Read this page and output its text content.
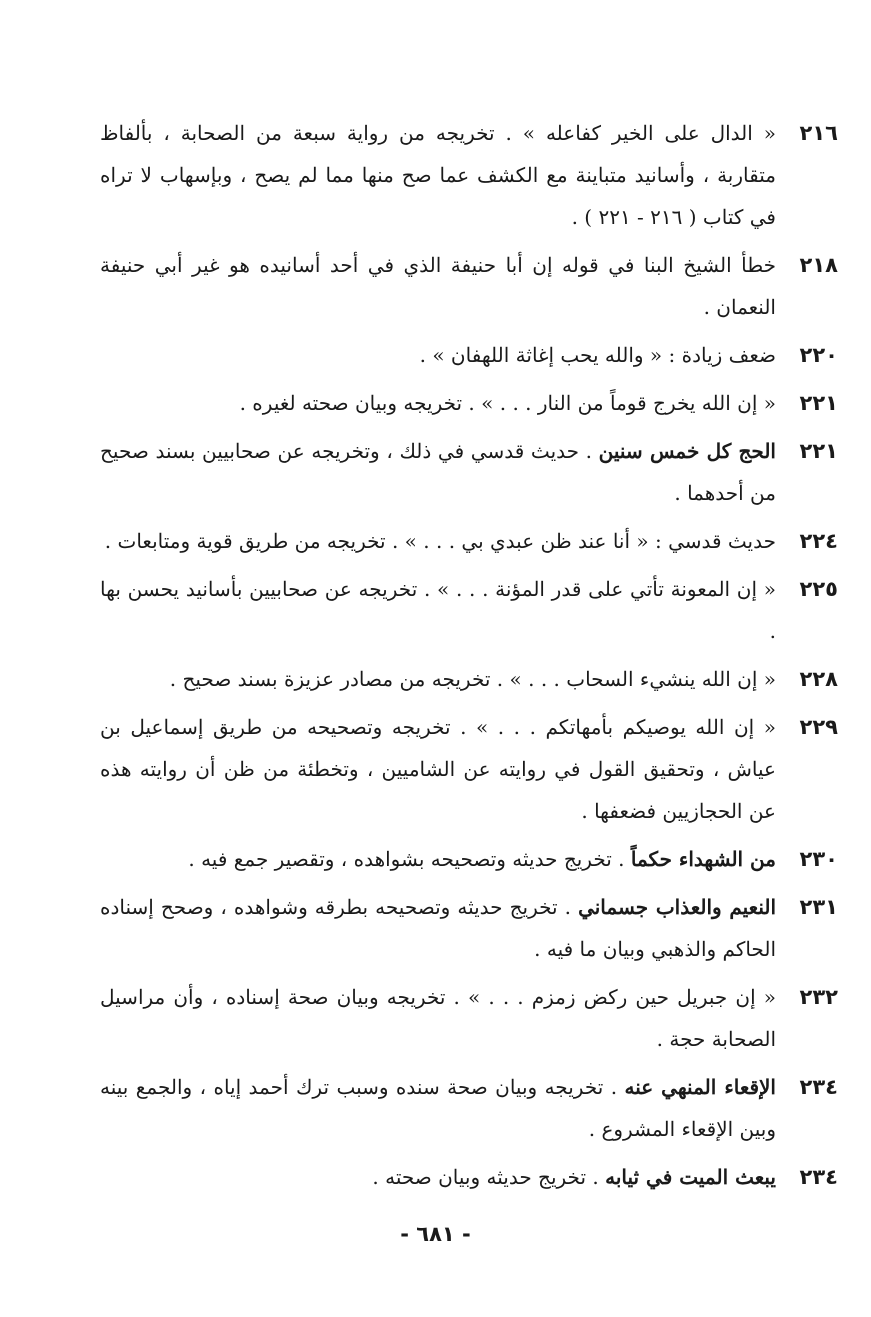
٢١٦
« الدال على الخير كفاعله » . تخريجه من رواية سبعة من الصحابة ، بألفاظ متقاربة ، وأسانيد متباينة مع الكشف عما صح منها مما لم يصح ، وبإسهاب لا تراه في كتاب ( ٢١٦ - ٢٢١ ) .
٢١٨
خطأ الشيخ البنا في قوله إن أبا حنيفة الذي في أحد أسانيده هو غير أبي حنيفة النعمان .
٢٢٠
ضعف زيادة : « والله يحب إغاثة اللهفان » .
٢٢١
« إن الله يخرج قوماً من النار . . . » . تخريجه وبيان صحته لغيره .
٢٢١
الحج كل خمس سنين . حديث قدسي في ذلك ، وتخريجه عن صحابيين بسند صحيح من أحدهما .
٢٢٤
حديث قدسي : « أنا عند ظن عبدي بي . . . » . تخريجه من طريق قوية ومتابعات .
٢٢٥
« إن المعونة تأتي على قدر المؤنة . . . » . تخريجه عن صحابيين بأسانيد يحسن بها .
٢٢٨
« إن الله ينشيء السحاب . . . » . تخريجه من مصادر عزيزة بسند صحيح .
٢٢٩
« إن الله يوصيكم بأمهاتكم . . . » . تخريجه وتصحيحه من طريق إسماعيل بن عياش ، وتحقيق القول في روايته عن الشاميين ، وتخطئة من ظن أن روايته هذه عن الحجازيين فضعفها .
٢٣٠
من الشهداء حكماً . تخريج حديثه وتصحيحه بشواهده ، وتقصير جمع فيه .
٢٣١
النعيم والعذاب جسماني . تخريج حديثه وتصحيحه بطرقه وشواهده ، وصحح إسناده الحاكم والذهبي وبيان ما فيه .
٢٣٢
« إن جبريل حين ركض زمزم . . . » . تخريجه وبيان صحة إسناده ، وأن مراسيل الصحابة حجة .
٢٣٤
الإقعاء المنهي عنه . تخريجه وبيان صحة سنده وسبب ترك أحمد إياه ، والجمع بينه وبين الإقعاء المشروع .
٢٣٤
يبعث الميت في ثيابه . تخريج حديثه وبيان صحته .
- ٦٨١ -
